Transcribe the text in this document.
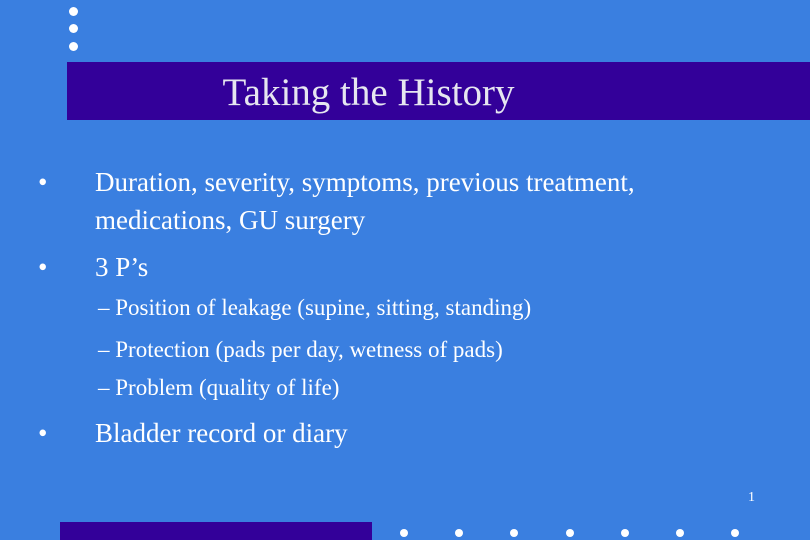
Taking the History
•	Duration, severity, symptoms, previous treatment,
medications, GU surgery
•	3 P’s
– Position of leakage (supine, sitting, standing)
– Protection (pads per day, wetness of pads)
– Problem (quality of life)
•	Bladder record or diary
1
